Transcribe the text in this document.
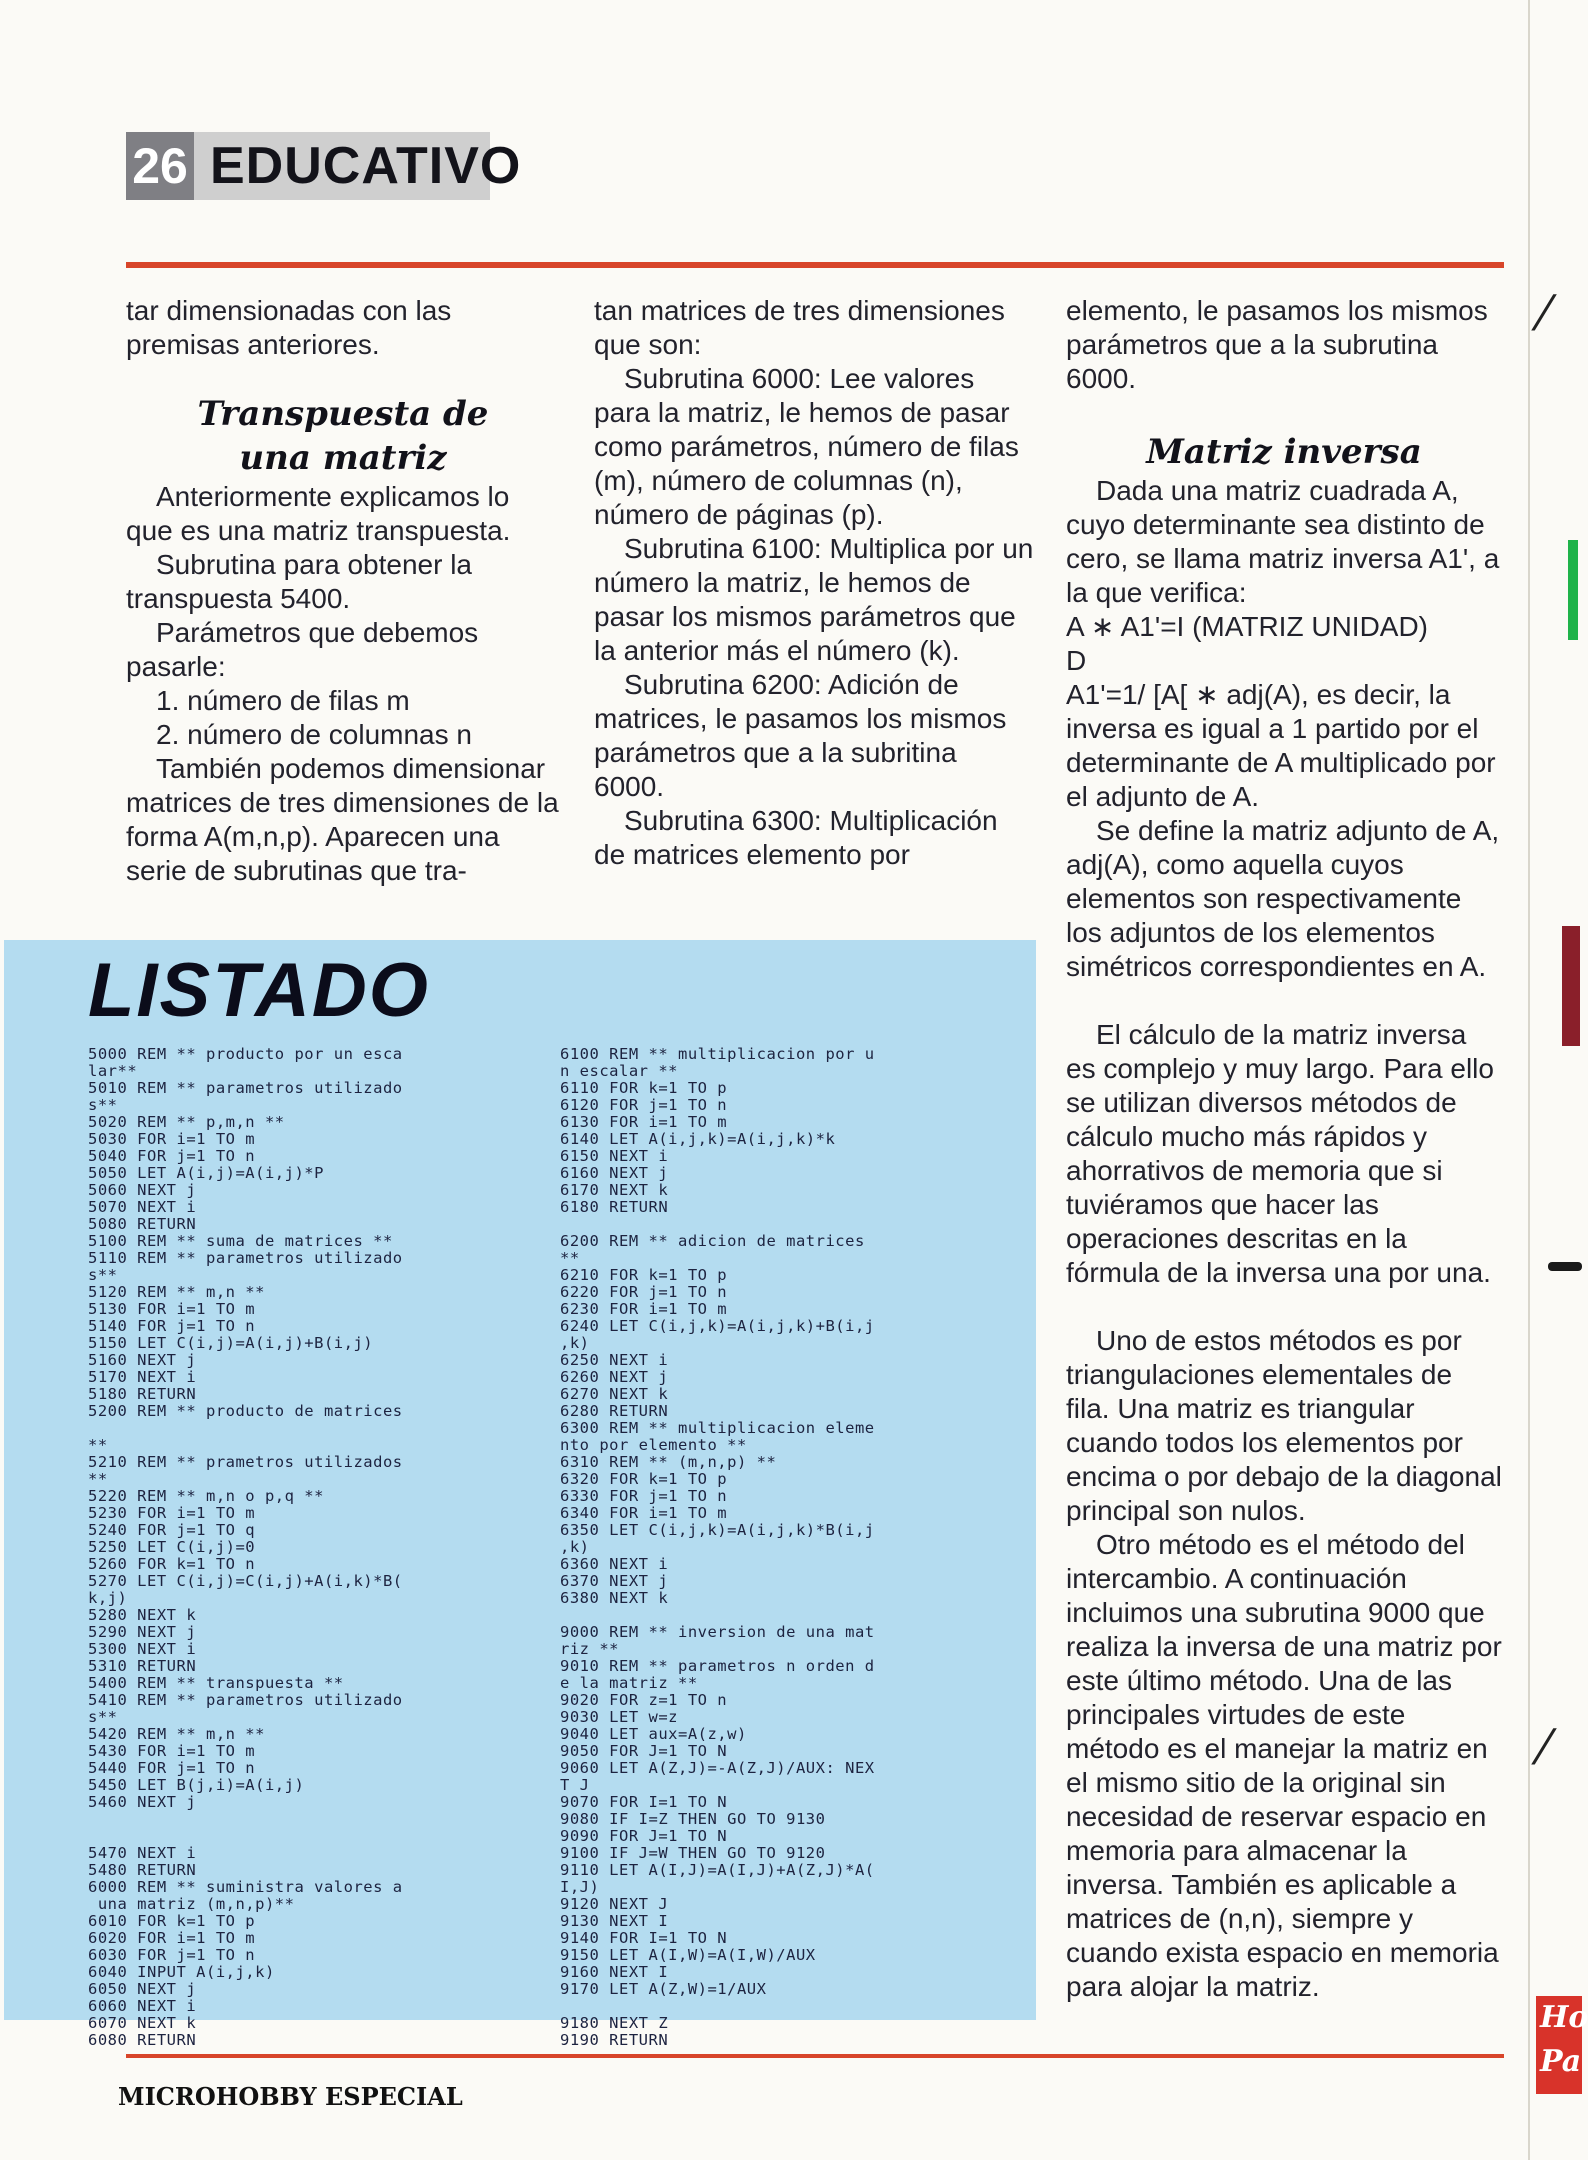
26 EDUCATIVO

tar dimensionadas con las premisas anteriores.

Transpuesta de una matriz

Anteriormente explicamos lo que es una matriz transpuesta.

Subrutina para obtener la transpuesta 5400.

Parámetros que debemos pasarle:

1. número de filas m

2. número de columnas n

También podemos dimensionar matrices de tres dimensiones de la forma A(m,n,p). Aparecen una serie de subrutinas que tra-

tan matrices de tres dimensiones que son:

Subrutina 6000: Lee valores para la matriz, le hemos de pasar como parámetros, número de filas (m), número de columnas (n), número de páginas (p).

Subrutina 6100: Multiplica por un número la matriz, le hemos de pasar los mismos parámetros que la anterior más el número (k).

Subrutina 6200: Adición de matrices, le pasamos los mismos parámetros que a la subritina 6000.

Subrutina 6300: Multiplicación de matrices elemento por

elemento, le pasamos los mismos parámetros que a la subrutina 6000.

Matriz inversa

Dada una matriz cuadrada A, cuyo determinante sea distinto de cero, se llama matriz inversa A1', a la que verifica:

A ∗ A1'=I (MATRIZ UNIDAD)

D

A1'=1/ [A[ ∗ adj(A), es decir, la inversa es igual a 1 partido por el determinante de A multiplicado por el adjunto de A.

Se define la matriz adjunto de A, adj(A), como aquella cuyos elementos son respectivamente los adjuntos de los elementos simétricos correspondientes en A.

El cálculo de la matriz inversa es complejo y muy largo. Para ello se utilizan diversos métodos de cálculo mucho más rápidos y ahorrativos de memoria que si tuviéramos que hacer las operaciones descritas en la fórmula de la inversa una por una.

Uno de estos métodos es por triangulaciones elementales de fila. Una matriz es triangular cuando todos los elementos por encima o por debajo de la diagonal principal son nulos.

Otro método es el método del intercambio. A continuación incluimos una subrutina 9000 que realiza la inversa de una matriz por este último método. Una de las principales virtudes de este método es el manejar la matriz en el mismo sitio de la original sin necesidad de reservar espacio en memoria para almacenar la inversa. También es aplicable a matrices de (n,n), siempre y cuando exista espacio en memoria para alojar la matriz.

LISTADO
5000 REM ** producto por un esca
lar**
5010 REM ** parametros utilizado
s**
5020 REM ** p,m,n **
5030 FOR i=1 TO m
5040 FOR j=1 TO n
5050 LET A(i,j)=A(i,j)*P
5060 NEXT j
5070 NEXT i
5080 RETURN
5100 REM ** suma de matrices **
5110 REM ** parametros utilizado
s**
5120 REM ** m,n **
5130 FOR i=1 TO m
5140 FOR j=1 TO n
5150 LET C(i,j)=A(i,j)+B(i,j)
5160 NEXT j
5170 NEXT i
5180 RETURN
5200 REM ** producto de matrices

**
5210 REM ** prametros utilizados
**
5220 REM ** m,n o p,q **
5230 FOR i=1 TO m
5240 FOR j=1 TO q
5250 LET C(i,j)=0
5260 FOR k=1 TO n
5270 LET C(i,j)=C(i,j)+A(i,k)*B(
k,j)
5280 NEXT k
5290 NEXT j
5300 NEXT i
5310 RETURN
5400 REM ** transpuesta **
5410 REM ** parametros utilizado
s**
5420 REM ** m,n **
5430 FOR i=1 TO m
5440 FOR j=1 TO n
5450 LET B(j,i)=A(i,j)
5460 NEXT j

5470 NEXT i
5480 RETURN
6000 REM ** suministra valores a
una matriz (m,n,p)**
6010 FOR k=1 TO p
6020 FOR i=1 TO m
6030 FOR j=1 TO n
6040 INPUT A(i,j,k)
6050 NEXT j
6060 NEXT i
6070 NEXT k
6080 RETURN
6100 REM ** multiplicacion por u
n escalar **
6110 FOR k=1 TO p
6120 FOR j=1 TO n
6130 FOR i=1 TO m
6140 LET A(i,j,k)=A(i,j,k)*k
6150 NEXT i
6160 NEXT j
6170 NEXT k
6180 RETURN

6200 REM ** adicion de matrices
**
6210 FOR k=1 TO p
6220 FOR j=1 TO n
6230 FOR i=1 TO m
6240 LET C(i,j,k)=A(i,j,k)+B(i,j
,k)
6250 NEXT i
6260 NEXT j
6270 NEXT k
6280 RETURN
6300 REM ** multiplicacion eleme
nto por elemento **
6310 REM ** (m,n,p) **
6320 FOR k=1 TO p
6330 FOR j=1 TO n
6340 FOR i=1 TO m
6350 LET C(i,j,k)=A(i,j,k)*B(i,j
,k)
6360 NEXT i
6370 NEXT j
6380 NEXT k

9000 REM ** inversion de una mat
riz **
9010 REM ** parametros n orden d
e la matriz **
9020 FOR z=1 TO n
9030 LET w=z
9040 LET aux=A(z,w)
9050 FOR J=1 TO N
9060 LET A(Z,J)=-A(Z,J)/AUX: NEX
T J
9070 FOR I=1 TO N
9080 IF I=Z THEN GO TO 9130
9090 FOR J=1 TO N
9100 IF J=W THEN GO TO 9120
9110 LET A(I,J)=A(I,J)+A(Z,J)*A(
I,J)
9120 NEXT J
9130 NEXT I
9140 FOR I=1 TO N
9150 LET A(I,W)=A(I,W)/AUX
9160 NEXT I
9170 LET A(Z,W)=1/AUX

9180 NEXT Z
9190 RETURN
MICROHOBBY ESPECIAL
⁄
⁄
Ho Pa
